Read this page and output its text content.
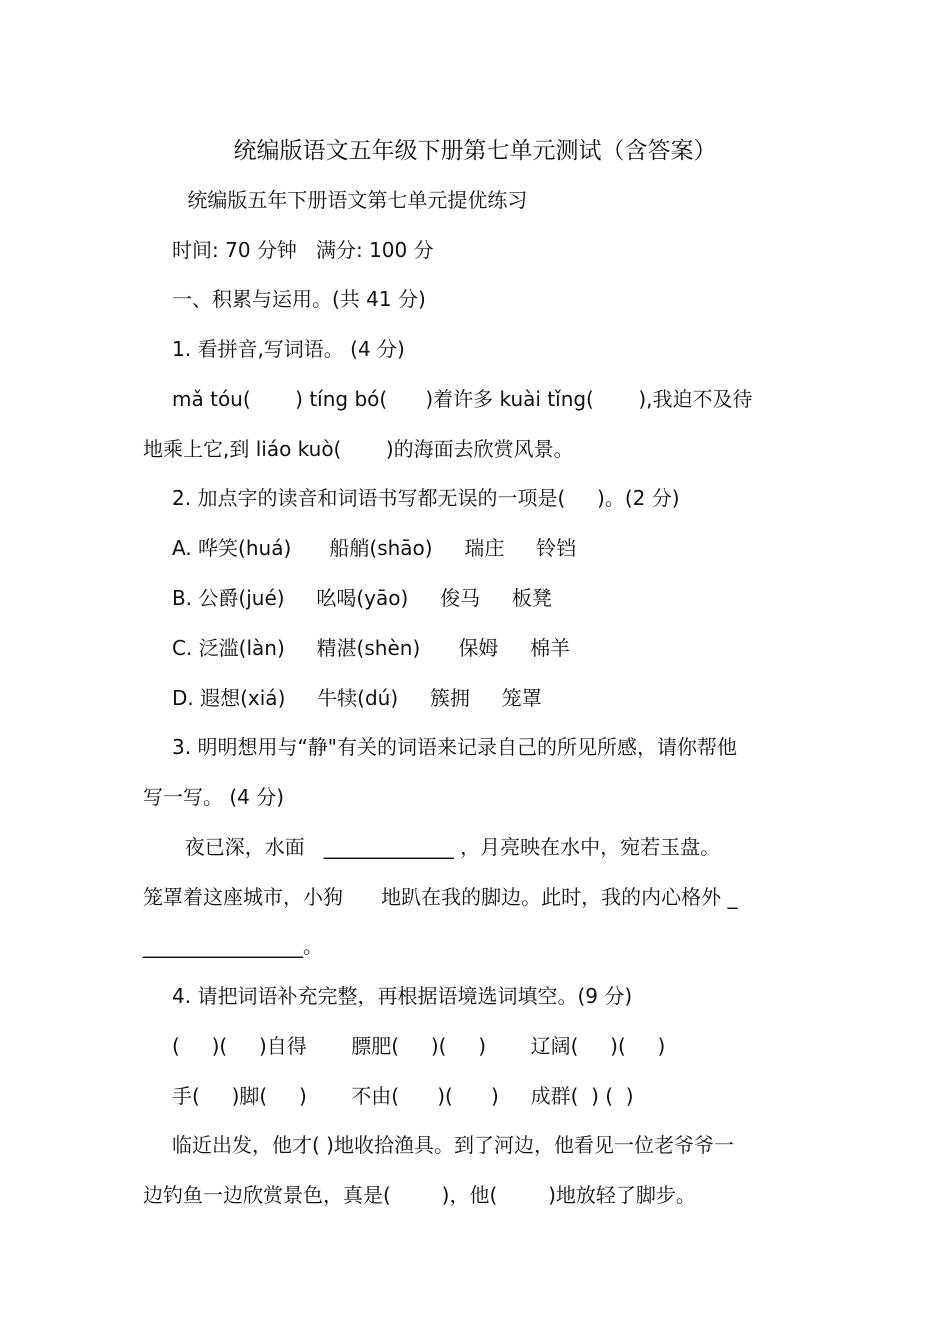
统编版语文五年级下册第七单元测试（含答案）
统编版五年下册语文第七单元提优练习
时间: 70 分钟   满分: 100 分
一、积累与运用。(共 41 分)
1. 看拼音,写词语。 (4 分)
mǎ tóu(       ) tíng bó(      )着许多 kuài tǐng(       ),我迫不及待
地乘上它,到 liáo kuò(       )的海面去欣赏风景。
2. 加点字的读音和词语书写都无误的一项是(     )。(2 分)
A. 哗笑(huá)      船艄(shāo)     瑞庄     铃铛
B. 公爵(jué)     吆喝(yāo)     俊马     板凳
C. 泛滥(làn)     精湛(shèn)      保姆     棉羊
D. 遐想(xiá)     牛犊(dú)     簇拥     笼罩
3. 明明想用与“静"有关的词语来记录自己的所见所感，请你帮他
写一写。 (4 分)
夜已深，水面   _____________ ，月亮映在水中，宛若玉盘。
笼罩着这座城市，小狗      地趴在我的脚边。此时，我的内心格外 _
________________。
4. 请把词语补充完整，再根据语境选词填空。(9 分)
(     )(     )自得       膘肥(     )(     )       辽阔(     )(     )
手(     )脚(     )       不由(      )(      )     成群(  ) (  )
临近出发，他才( )地收拾渔具。到了河边，他看见一位老爷爷一
边钓鱼一边欣赏景色，真是(        )，他(        )地放轻了脚步。
